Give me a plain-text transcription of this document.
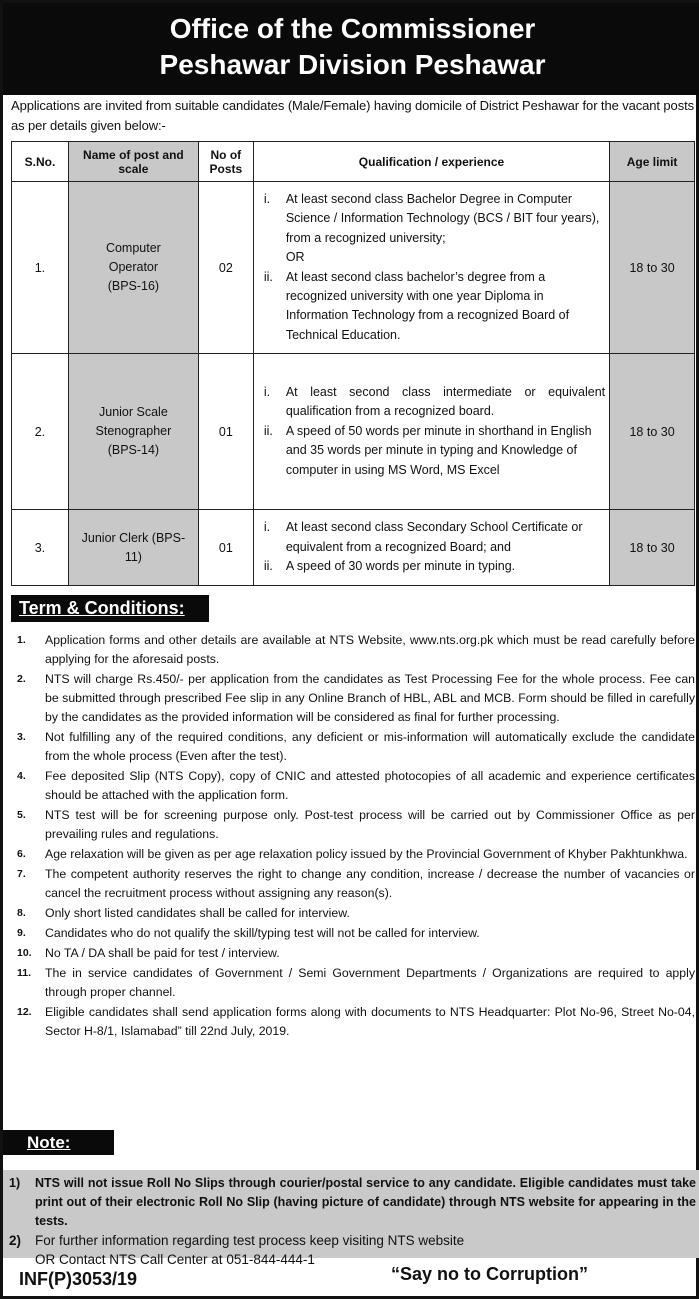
Office of the Commissioner
Peshawar Division Peshawar

Applications are invited from suitable candidates (Male/Female) having domicile of District Peshawar for the vacant posts as per details given below:-

S.No.	Name of post and scale	No of Posts	Qualification / experience	Age limit
1.	Computer Operator (BPS-16)	02	i. At least second class Bachelor Degree in Computer Science / Information Technology (BCS / BIT four years), from a recognized university;
OR
ii. At least second class bachelor’s degree from a recognized university with one year Diploma in Information Technology from a recognized Board of Technical Education.	18 to 30
2.	Junior Scale Stenographer (BPS-14)	01	i. At least second class intermediate or equivalent qualification from a recognized board.
ii. A speed of 50 words per minute in shorthand in English and 35 words per minute in typing and Knowledge of computer in using MS Word, MS Excel	18 to 30
3.	Junior Clerk (BPS-11)	01	i. At least second class Secondary School Certificate or equivalent from a recognized Board; and
ii. A speed of 30 words per minute in typing.	18 to 30
Term & Conditions:
1.	Application forms and other details are available at NTS Website, www.nts.org.pk which must be read carefully before applying for the aforesaid posts.
2.	NTS will charge Rs.450/- per application from the candidates as Test Processing Fee for the whole process. Fee can be submitted through prescribed Fee slip in any Online Branch of HBL, ABL and MCB. Form should be filled in carefully by the candidates as the provided information will be considered as final for further processing.
3.	Not fulfilling any of the required conditions, any deficient or mis-information will automatically exclude the candidate from the whole process (Even after the test).
4.	Fee deposited Slip (NTS Copy), copy of CNIC and attested photocopies of all academic and experience certificates should be attached with the application form.
5.	NTS test will be for screening purpose only. Post-test process will be carried out by Commissioner Office as per prevailing rules and regulations.
6.	Age relaxation will be given as per age relaxation policy issued by the Provincial Government of Khyber Pakhtunkhwa.
7.	The competent authority reserves the right to change any condition, increase / decrease the number of vacancies or cancel the recruitment process without assigning any reason(s).
8.	Only short listed candidates shall be called for interview.
9.	Candidates who do not qualify the skill/typing test will not be called for interview.
10.	No TA / DA shall be paid for test / interview.
11.	The in service candidates of Government / Semi Government Departments / Organizations are required to apply through proper channel.
12.	Eligible candidates shall send application forms along with documents to NTS Headquarter: Plot No-96, Street No-04, Sector H-8/1, Islamabad” till 22nd July, 2019.
Note:
1)	NTS will not issue Roll No Slips through courier/postal service to any candidate. Eligible candidates must take print out of their electronic Roll No Slip (having picture of candidate) through NTS website for appearing in the tests.
2)	For further information regarding test process keep visiting NTS website
OR Contact NTS Call Center at 051-844-444-1
INF(P)3053/19	“Say no to Corruption”
